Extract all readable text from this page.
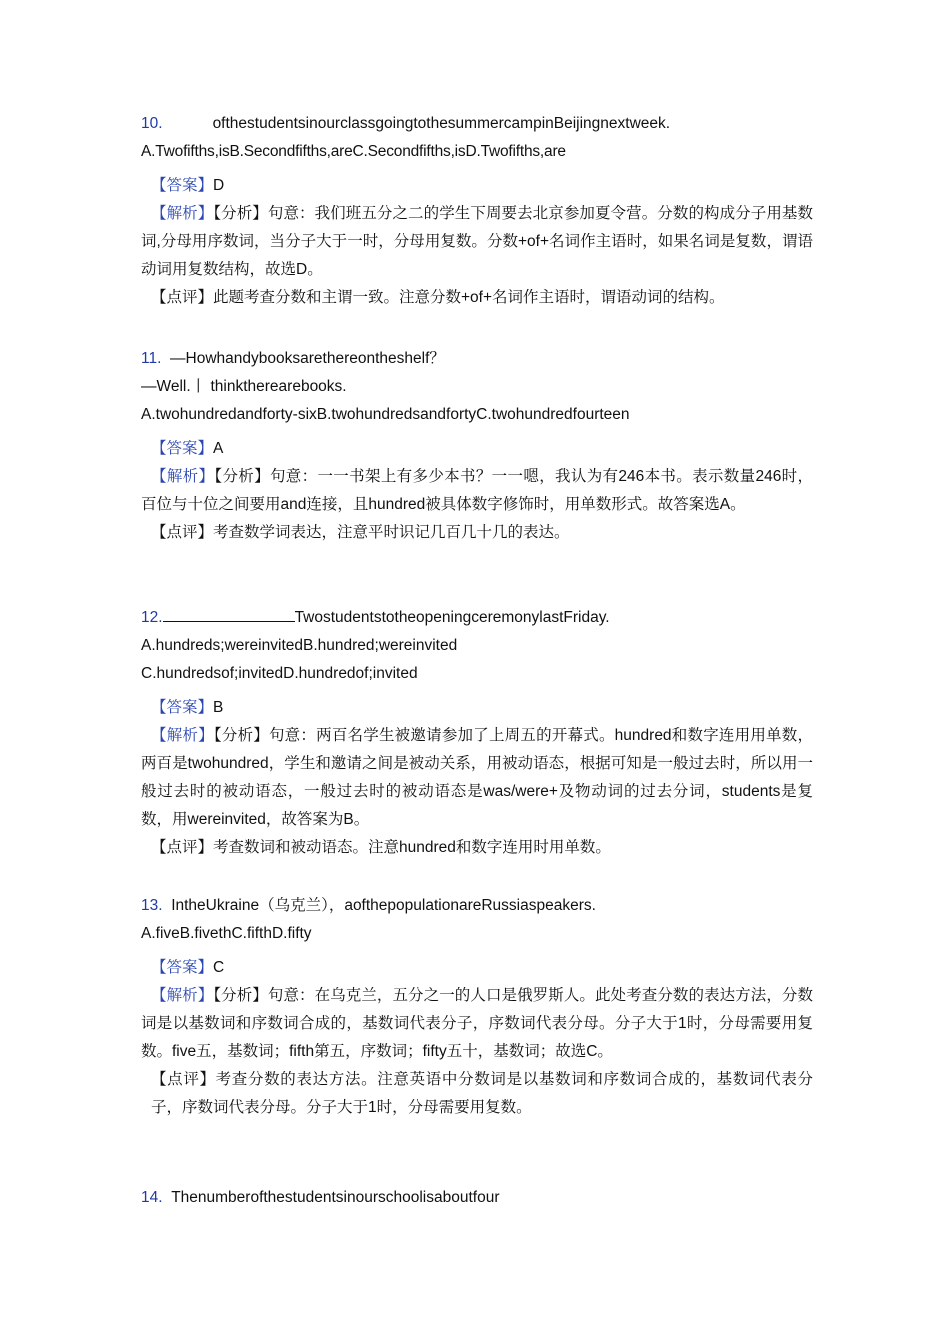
10.	ofthestudentsinourclassgoingtothesummercampinBeijingnextweek.
A.Twofifths,isB.Secondfifths,areC.Secondfifths,isD.Twofifths,are
【答案】D
【解析】【分析】句意：我们班五分之二的学生下周要去北京参加夏令营。分数的构成分子用基数词,分母用序数词，当分子大于一时，分母用复数。分数+of+名词作主语时，如果名词是复数，谓语动词用复数结构，故选D。
【点评】此题考查分数和主谓一致。注意分数+of+名词作主语时，谓语动词的结构。
11. —Howhandybooksarethereontheshelf？
—Well.丨 thinktherearebooks.
A.twohundredandforty-sixB.twohundredsandfortyC.twohundredfourteen
【答案】A
【解析】【分析】句意：一一书架上有多少本书？一一嗯，我认为有246本书。表示数量246时，百位与十位之间要用and连接，且hundred被具体数字修饰时，用单数形式。故答案选A。
【点评】考查数学词表达，注意平时识记几百几十几的表达。
12.	TwostudentstotheopeningceremonylastFriday.
A.hundreds;wereinvitedB.hundred;wereinvited
C.hundredsof;invitedD.hundredof;invited
【答案】B
【解析】【分析】句意：两百名学生被邀请参加了上周五的开幕式。hundred和数字连用用单数，两百是twohundred，学生和邀请之间是被动关系，用被动语态，根据可知是一般过去时，所以用一般过去时的被动语态，一般过去时的被动语态是was/were+及物动词的过去分词，students是复数，用wereinvited，故答案为B。
【点评】考查数词和被动语态。注意hundred和数字连用时用单数。
13. IntheUkraine（乌克兰），aofthepopulationareRussiaspeakers.
A.fiveB.fivethC.fifthD.fifty
【答案】C
【解析】【分析】句意：在乌克兰，五分之一的人口是俄罗斯人。此处考查分数的表达方法，分数词是以基数词和序数词合成的，基数词代表分子，序数词代表分母。分子大于1时，分母需要用复数。five五，基数词；fifth第五，序数词；fifty五十，基数词；故选C。
【点评】考查分数的表达方法。注意英语中分数词是以基数词和序数词合成的，基数词代表分子，序数词代表分母。分子大于1时，分母需要用复数。
14. Thenumberofthestudentsinourschoolisaboutfour
